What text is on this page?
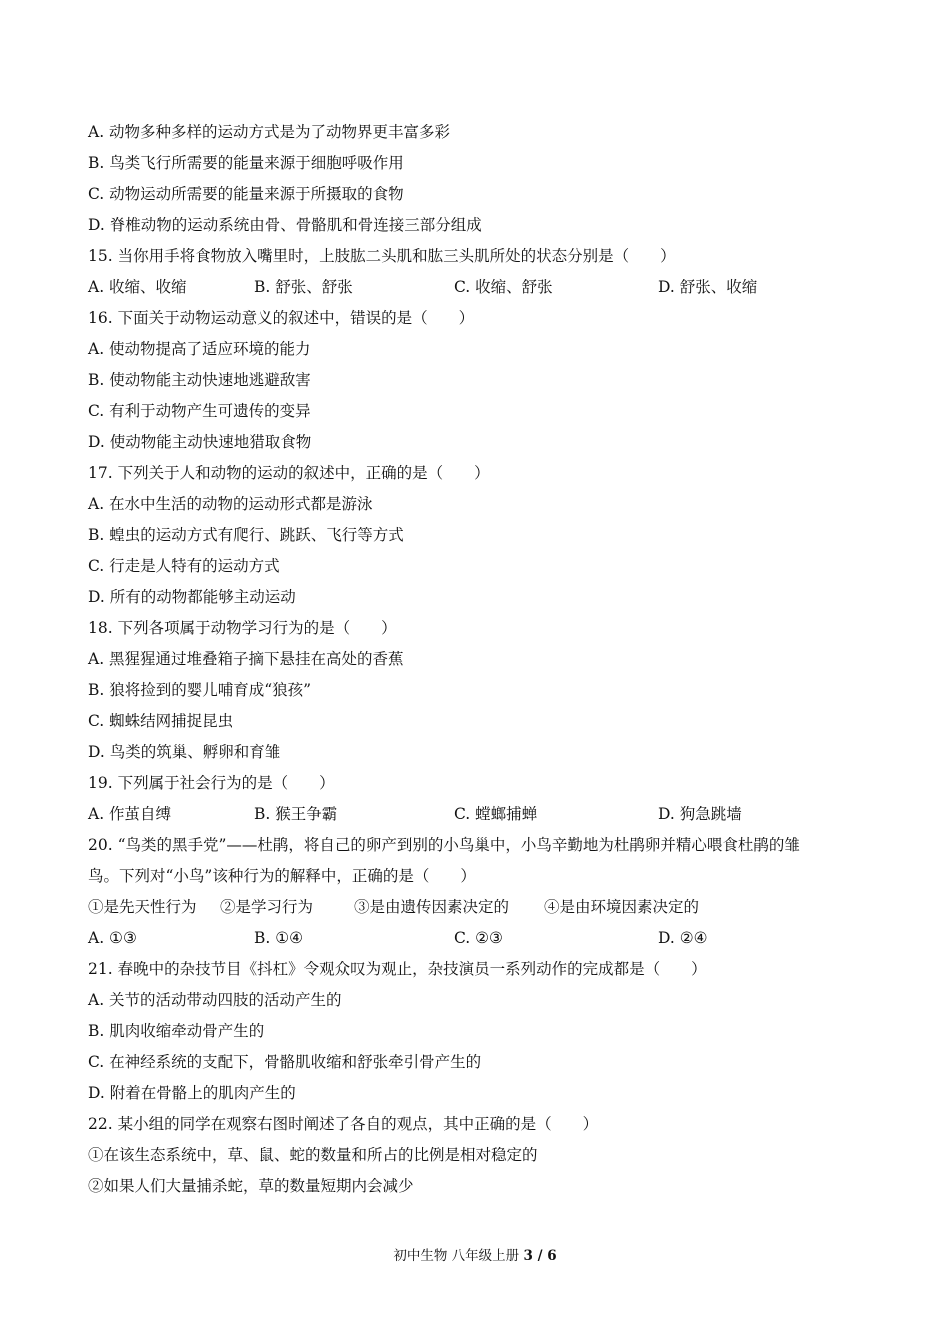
A. 动物多种多样的运动方式是为了动物界更丰富多彩
B. 鸟类飞行所需要的能量来源于细胞呼吸作用
C. 动物运动所需要的能量来源于所摄取的食物
D. 脊椎动物的运动系统由骨、骨骼肌和骨连接三部分组成
15. 当你用手将食物放入嘴里时，上肢肱二头肌和肱三头肌所处的状态分别是（　　）
A. 收缩、收缩	B. 舒张、舒张	C. 收缩、舒张	D. 舒张、收缩
16. 下面关于动物运动意义的叙述中，错误的是（　　）
A. 使动物提高了适应环境的能力
B. 使动物能主动快速地逃避敌害
C. 有利于动物产生可遗传的变异
D. 使动物能主动快速地猎取食物
17. 下列关于人和动物的运动的叙述中，正确的是（　　）
A. 在水中生活的动物的运动形式都是游泳
B. 蝗虫的运动方式有爬行、跳跃、飞行等方式
C. 行走是人特有的运动方式
D. 所有的动物都能够主动运动
18. 下列各项属于动物学习行为的是（　　）
A. 黑猩猩通过堆叠箱子摘下悬挂在高处的香蕉
B. 狼将捡到的婴儿哺育成“狼孩”
C. 蜘蛛结网捕捉昆虫
D. 鸟类的筑巢、孵卵和育雏
19. 下列属于社会行为的是（　　）
A. 作茧自缚	B. 猴王争霸	C. 螳螂捕蝉	D. 狗急跳墙
20. “鸟类的黑手党”——杜鹃，将自己的卵产到别的小鸟巢中，小鸟辛勤地为杜鹃卵并精心喂食杜鹃的雏
鸟。下列对“小鸟”该种行为的解释中，正确的是（　　）
①是先天性行为	②是学习行为	③是由遗传因素决定的	④是由环境因素决定的
A. ①③	B. ①④	C. ②③	D. ②④
21. 春晚中的杂技节目《抖杠》令观众叹为观止，杂技演员一系列动作的完成都是（　　）
A. 关节的活动带动四肢的活动产生的
B. 肌肉收缩牵动骨产生的
C. 在神经系统的支配下，骨骼肌收缩和舒张牵引骨产生的
D. 附着在骨骼上的肌肉产生的
22. 某小组的同学在观察右图时阐述了各自的观点，其中正确的是（　　）
①在该生态系统中，草、鼠、蛇的数量和所占的比例是相对稳定的
②如果人们大量捕杀蛇，草的数量短期内会减少
初中生物 八年级上册 3 / 6
